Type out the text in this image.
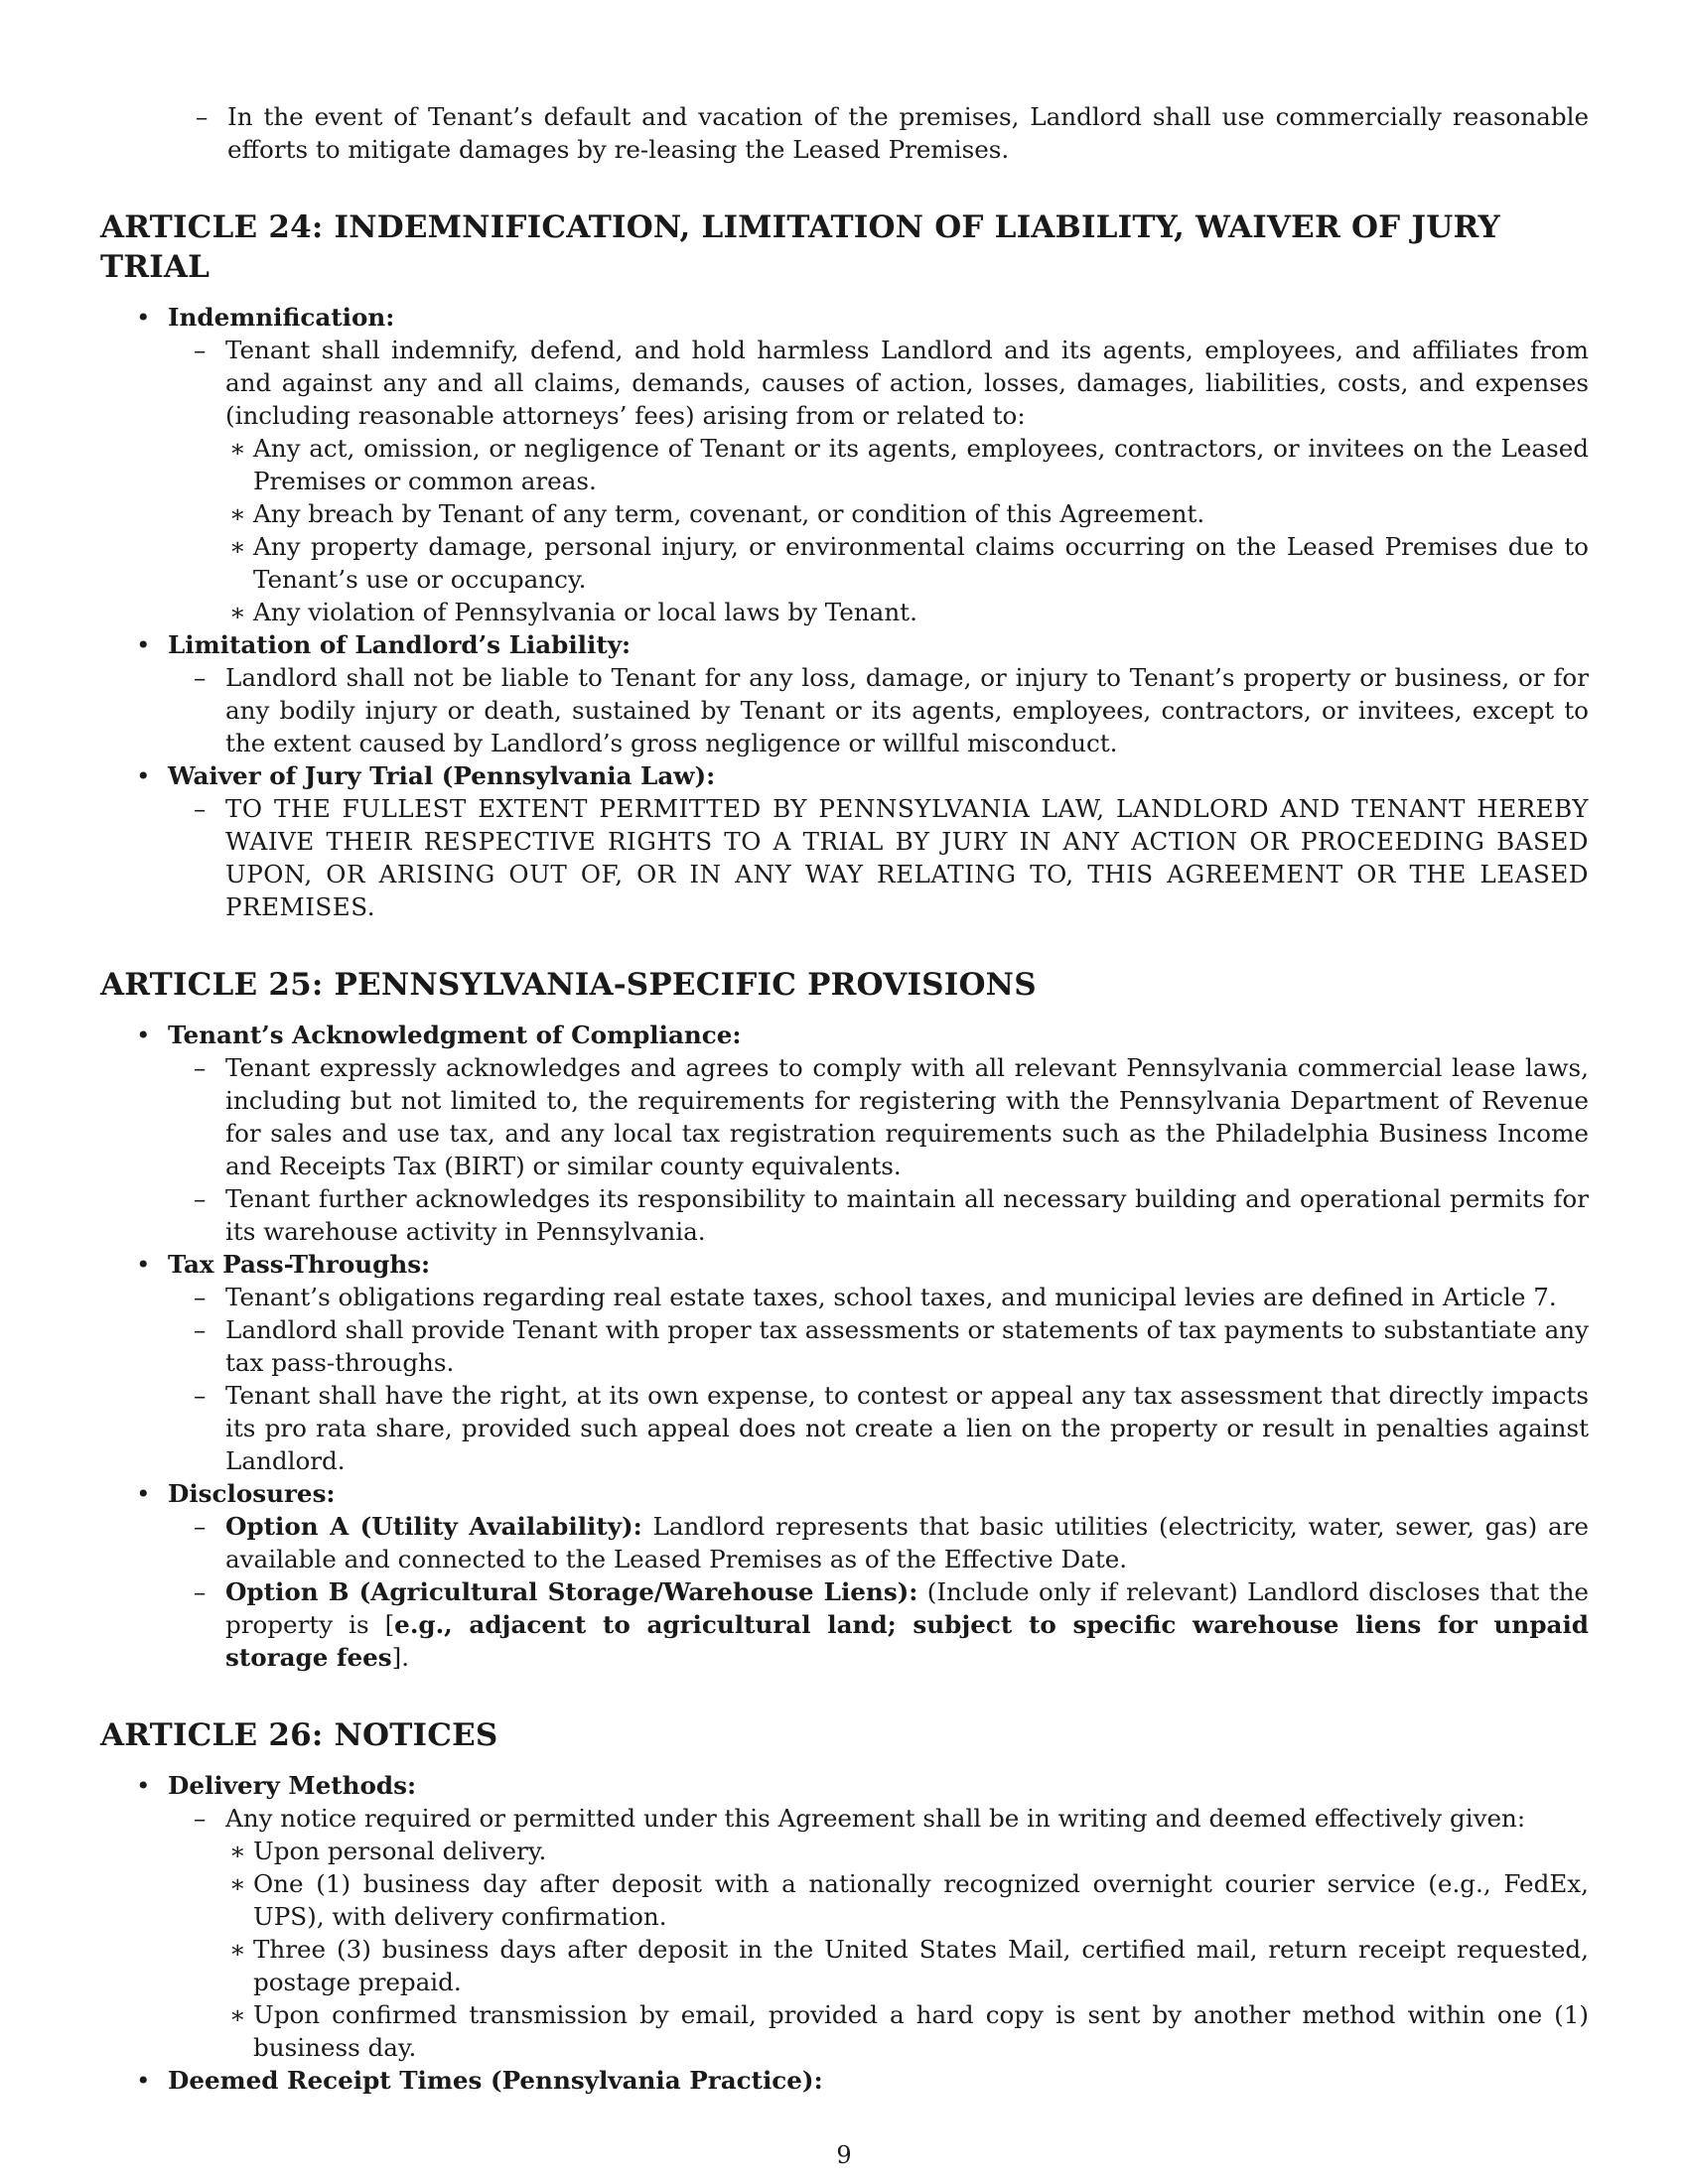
– In the event of Tenant’s default and vacation of the premises, Landlord shall use commercially reasonable efforts to mitigate damages by re-leasing the Leased Premises.
ARTICLE 24: INDEMNIFICATION, LIMITATION OF LIABILITY, WAIVER OF JURY TRIAL
• Indemnification:
– Tenant shall indemnify, defend, and hold harmless Landlord and its agents, employees, and affiliates from and against any and all claims, demands, causes of action, losses, damages, liabilities, costs, and expenses (including reasonable attorneys’ fees) arising from or related to:
∗ Any act, omission, or negligence of Tenant or its agents, employees, contractors, or invitees on the Leased Premises or common areas.
∗ Any breach by Tenant of any term, covenant, or condition of this Agreement.
∗ Any property damage, personal injury, or environmental claims occurring on the Leased Premises due to Tenant’s use or occupancy.
∗ Any violation of Pennsylvania or local laws by Tenant.
• Limitation of Landlord’s Liability:
– Landlord shall not be liable to Tenant for any loss, damage, or injury to Tenant’s property or business, or for any bodily injury or death, sustained by Tenant or its agents, employees, contractors, or invitees, except to the extent caused by Landlord’s gross negligence or willful misconduct.
• Waiver of Jury Trial (Pennsylvania Law):
– TO THE FULLEST EXTENT PERMITTED BY PENNSYLVANIA LAW, LANDLORD AND TENANT HEREBY WAIVE THEIR RESPECTIVE RIGHTS TO A TRIAL BY JURY IN ANY ACTION OR PROCEEDING BASED UPON, OR ARISING OUT OF, OR IN ANY WAY RELATING TO, THIS AGREEMENT OR THE LEASED PREMISES.
ARTICLE 25: PENNSYLVANIA-SPECIFIC PROVISIONS
• Tenant’s Acknowledgment of Compliance:
– Tenant expressly acknowledges and agrees to comply with all relevant Pennsylvania commercial lease laws, including but not limited to, the requirements for registering with the Pennsylvania Department of Revenue for sales and use tax, and any local tax registration requirements such as the Philadelphia Business Income and Receipts Tax (BIRT) or similar county equivalents.
– Tenant further acknowledges its responsibility to maintain all necessary building and operational permits for its warehouse activity in Pennsylvania.
• Tax Pass-Throughs:
– Tenant’s obligations regarding real estate taxes, school taxes, and municipal levies are defined in Article 7.
– Landlord shall provide Tenant with proper tax assessments or statements of tax payments to substantiate any tax pass-throughs.
– Tenant shall have the right, at its own expense, to contest or appeal any tax assessment that directly impacts its pro rata share, provided such appeal does not create a lien on the property or result in penalties against Landlord.
• Disclosures:
– Option A (Utility Availability): Landlord represents that basic utilities (electricity, water, sewer, gas) are available and connected to the Leased Premises as of the Effective Date.
– Option B (Agricultural Storage/Warehouse Liens): (Include only if relevant) Landlord discloses that the property is [e.g., adjacent to agricultural land; subject to specific warehouse liens for unpaid storage fees].
ARTICLE 26: NOTICES
• Delivery Methods:
– Any notice required or permitted under this Agreement shall be in writing and deemed effectively given:
∗ Upon personal delivery.
∗ One (1) business day after deposit with a nationally recognized overnight courier service (e.g., FedEx, UPS), with delivery confirmation.
∗ Three (3) business days after deposit in the United States Mail, certified mail, return receipt requested, postage prepaid.
∗ Upon confirmed transmission by email, provided a hard copy is sent by another method within one (1) business day.
• Deemed Receipt Times (Pennsylvania Practice):
9
